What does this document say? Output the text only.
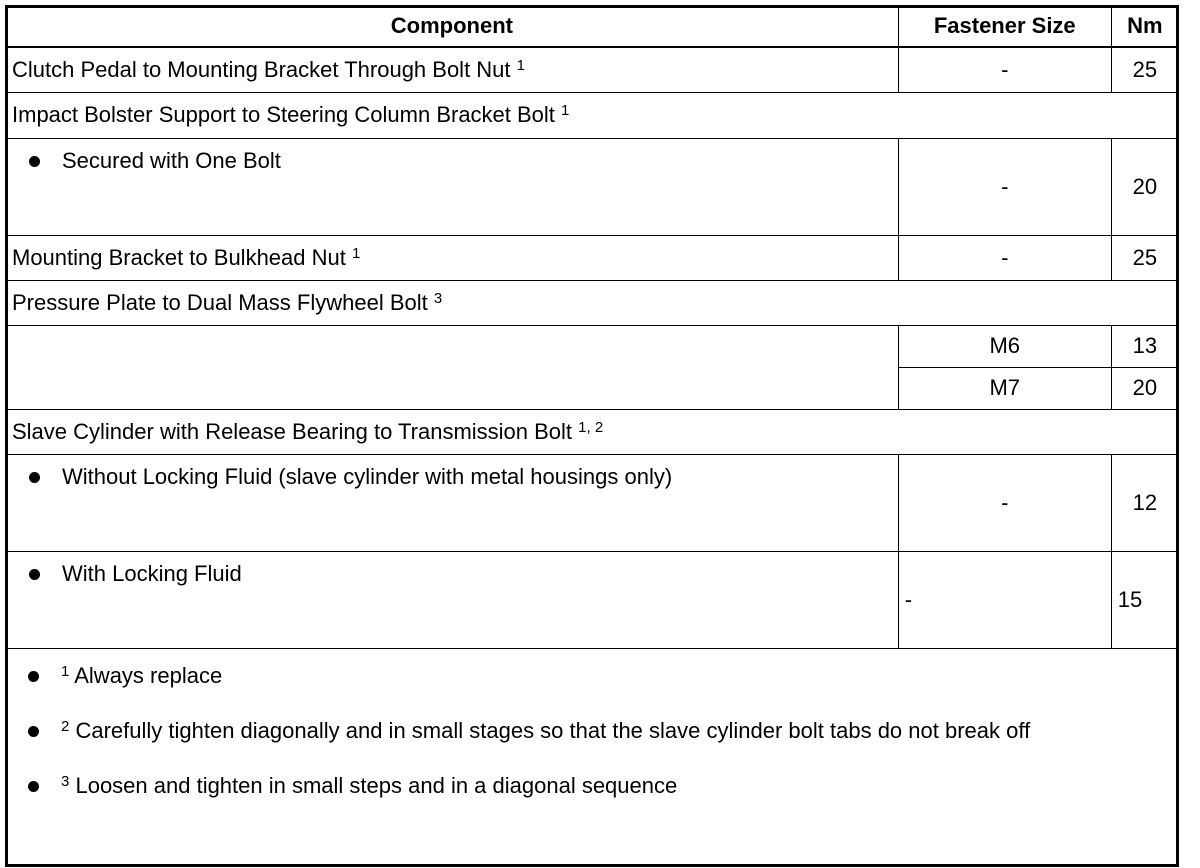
Component	Fastener Size	Nm
Clutch Pedal to Mounting Bracket Through Bolt Nut $^1$	-	25
Impact Bolster Support to Steering Column Bracket Bolt $^1$

Secured with One Bolt	-	20
Mounting Bracket to Bulkhead Nut $^1$	-	25
Pressure Plate to Dual Mass Flywheel Bolt $^3$
	M6	13
	M7	20
Slave Cylinder with Release Bearing to Transmission Bolt $^{1, 2}$

Without Locking Fluid (slave cylinder with metal housings only)	-	12

With Locking Fluid	-	15
$^1$ Always replace
$^2$ Carefully tighten diagonally and in small stages so that the slave cylinder bolt tabs do not break off
$^3$ Loosen and tighten in small steps and in a diagonal sequence
